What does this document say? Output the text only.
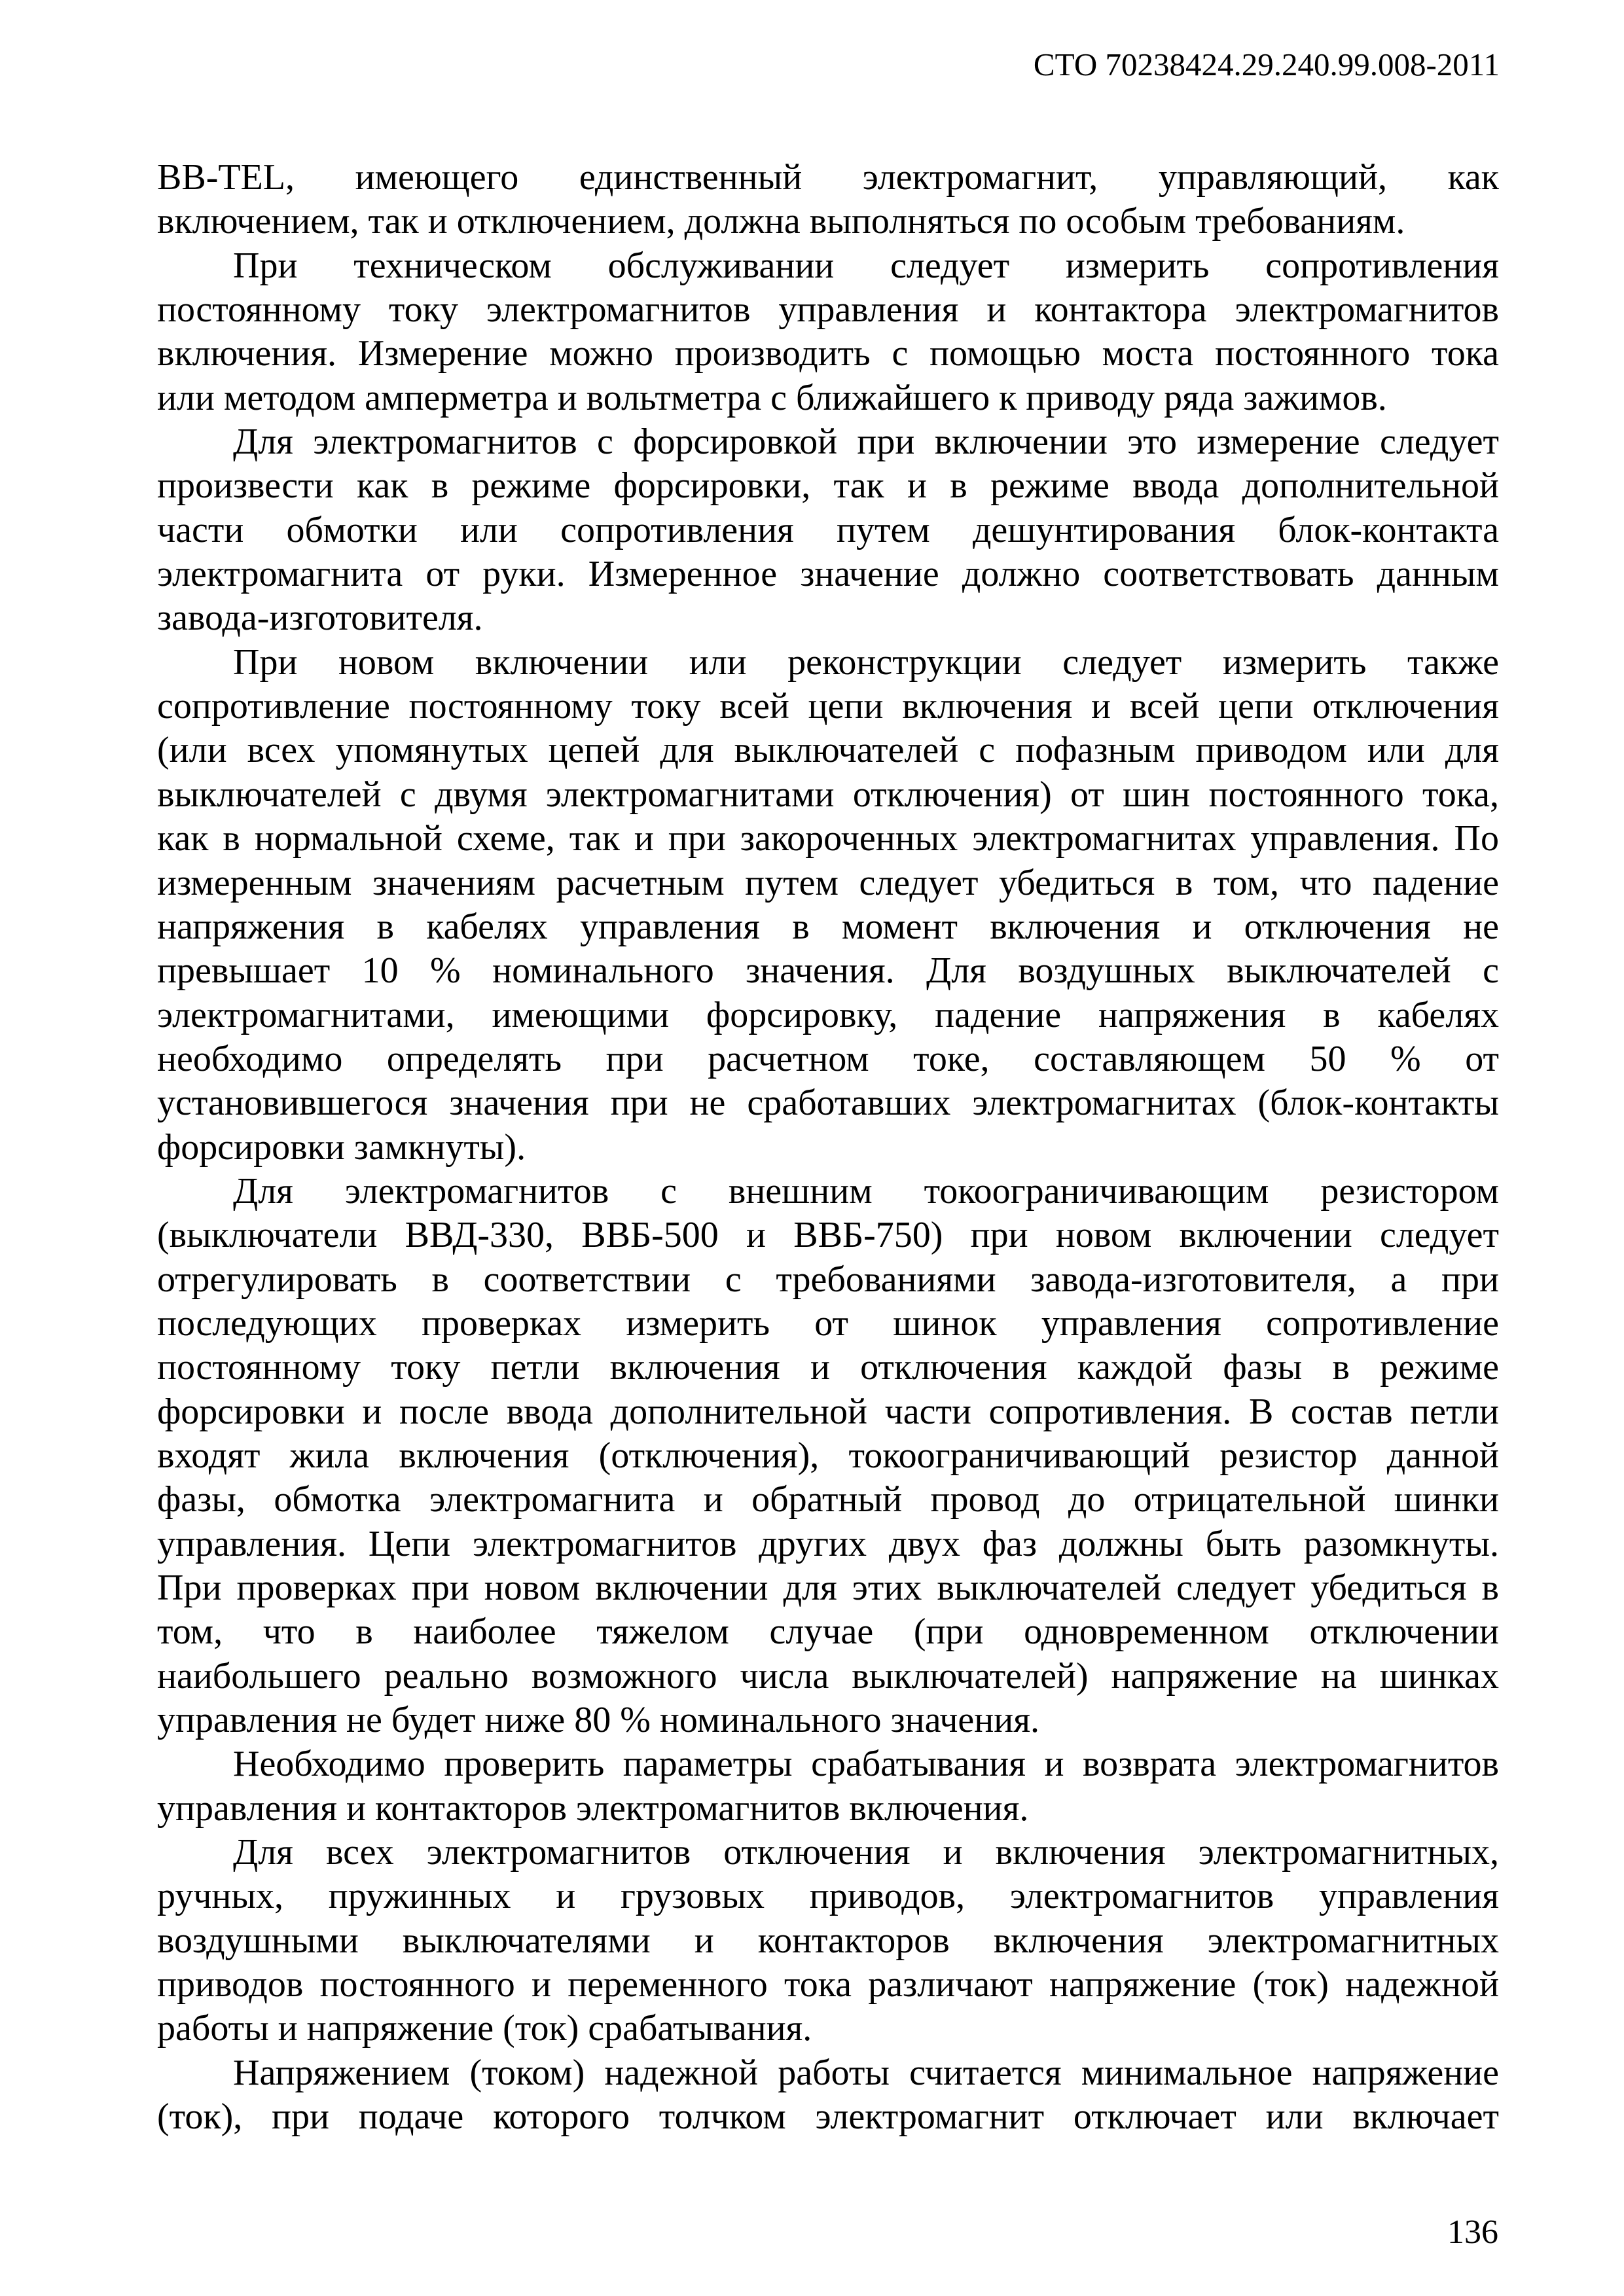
СТО 70238424.29.240.99.008-2011

ВВ-TEL, имеющего единственный электромагнит, управляющий, как

включением, так и отключением, должна выполняться по особым требованиям.

При техническом обслуживании следует измерить сопротивления

постоянному току электромагнитов управления и контактора электромагнитов

включения. Измерение можно производить с помощью моста постоянного тока

или методом амперметра и вольтметра с ближайшего к приводу ряда зажимов.

Для электромагнитов с форсировкой при включении это измерение следует

произвести как в режиме форсировки, так и в режиме ввода дополнительной

части обмотки или сопротивления путем дешунтирования блок-контакта

электромагнита от руки. Измеренное значение должно соответствовать данным

завода-изготовителя.

При новом включении или реконструкции следует измерить также

сопротивление постоянному току всей цепи включения и всей цепи отключения

(или всех упомянутых цепей для выключателей с пофазным приводом или для

выключателей с двумя электромагнитами отключения) от шин постоянного тока,

как в нормальной схеме, так и при закороченных электромагнитах управления. По

измеренным значениям расчетным путем следует убедиться в том, что падение

напряжения в кабелях управления в момент включения и отключения не

превышает 10 % номинального значения. Для воздушных выключателей с

электромагнитами, имеющими форсировку, падение напряжения в кабелях

необходимо определять при расчетном токе, составляющем 50 % от

установившегося значения при не сработавших электромагнитах (блок-контакты

форсировки замкнуты).

Для электромагнитов с внешним токоограничивающим резистором

(выключатели ВВД-330, ВВБ-500 и ВВБ-750) при новом включении следует

отрегулировать в соответствии с требованиями завода-изготовителя, а при

последующих проверках измерить от шинок управления сопротивление

постоянному току петли включения и отключения каждой фазы в режиме

форсировки и после ввода дополнительной части сопротивления. В состав петли

входят жила включения (отключения), токоограничивающий резистор данной

фазы, обмотка электромагнита и обратный провод до отрицательной шинки

управления. Цепи электромагнитов других двух фаз должны быть разомкнуты.

При проверках при новом включении для этих выключателей следует убедиться в

том, что в наиболее тяжелом случае (при одновременном отключении

наибольшего реально возможного числа выключателей) напряжение на шинках

управления не будет ниже 80 % номинального значения.

Необходимо проверить параметры срабатывания и возврата электромагнитов

управления и контакторов электромагнитов включения.

Для всех электромагнитов отключения и включения электромагнитных,

ручных, пружинных и грузовых приводов, электромагнитов управления

воздушными выключателями и контакторов включения электромагнитных

приводов постоянного и переменного тока различают напряжение (ток) надежной

работы и напряжение (ток) срабатывания.

Напряжением (током) надежной работы считается минимальное напряжение

(ток), при подаче которого толчком электромагнит отключает или включает

136
